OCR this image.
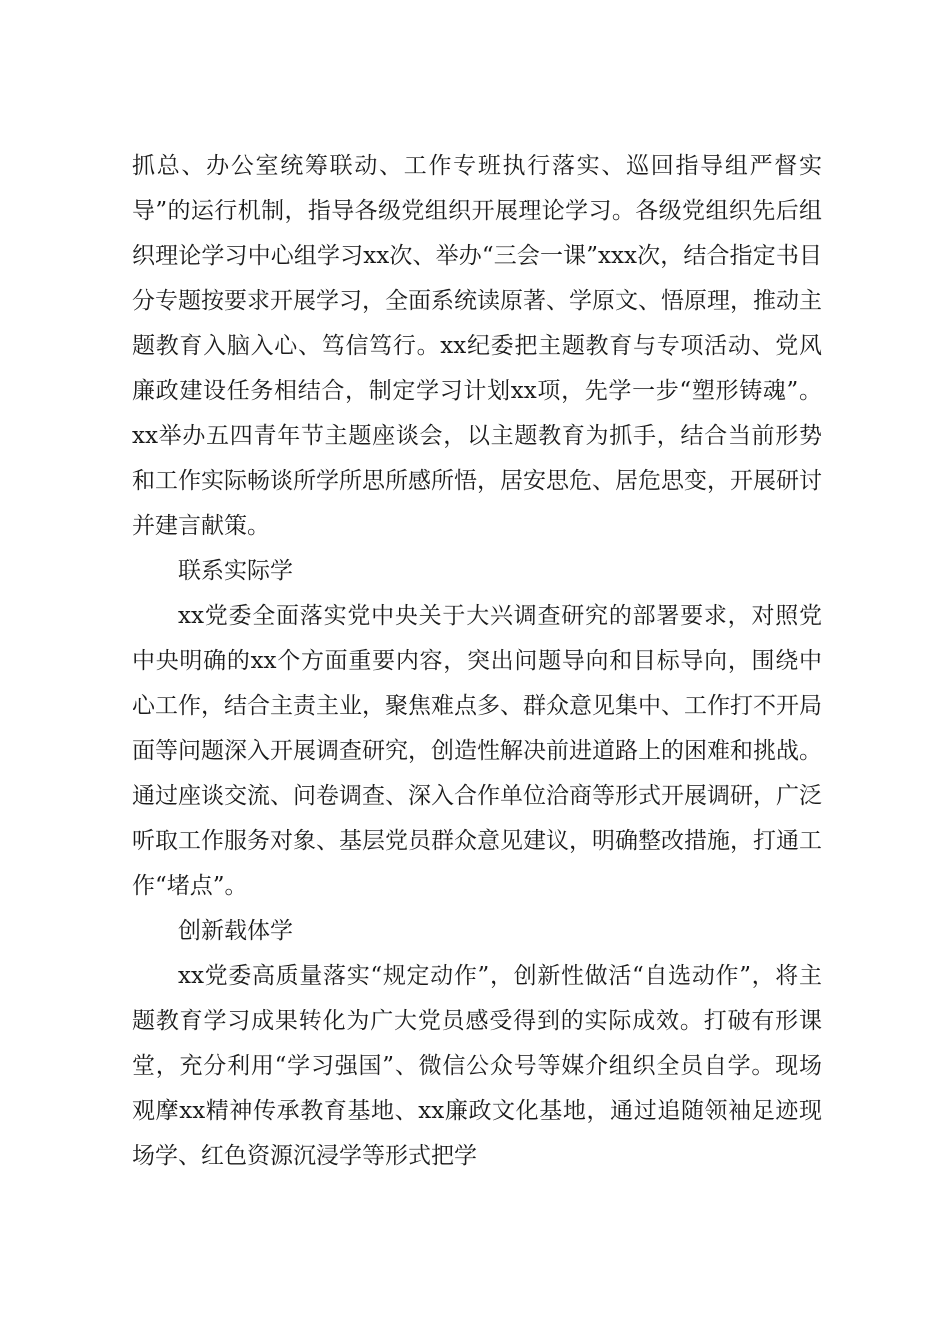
抓总、办公室统筹联动、工作专班执行落实、巡回指导组严督实导”的运行机制，指导各级党组织开展理论学习。各级党组织先后组织理论学习中心组学习xx次、举办“三会一课”xxx次，结合指定书目分专题按要求开展学习，全面系统读原著、学原文、悟原理，推动主题教育入脑入心、笃信笃行。xx纪委把主题教育与专项活动、党风廉政建设任务相结合，制定学习计划xx项，先学一步“塑形铸魂”。xx举办五四青年节主题座谈会，以主题教育为抓手，结合当前形势和工作实际畅谈所学所思所感所悟，居安思危、居危思变，开展研讨并建言献策。

联系实际学

xx党委全面落实党中央关于大兴调查研究的部署要求，对照党中央明确的xx个方面重要内容，突出问题导向和目标导向，围绕中心工作，结合主责主业，聚焦难点多、群众意见集中、工作打不开局面等问题深入开展调查研究，创造性解决前进道路上的困难和挑战。通过座谈交流、问卷调查、深入合作单位洽商等形式开展调研，广泛听取工作服务对象、基层党员群众意见建议，明确整改措施，打通工作“堵点”。

创新载体学

xx党委高质量落实“规定动作”，创新性做活“自选动作”，将主题教育学习成果转化为广大党员感受得到的实际成效。打破有形课堂，充分利用“学习强国”、微信公众号等媒介组织全员自学。现场观摩xx精神传承教育基地、xx廉政文化基地，通过追随领袖足迹现场学、红色资源沉浸学等形式把学
